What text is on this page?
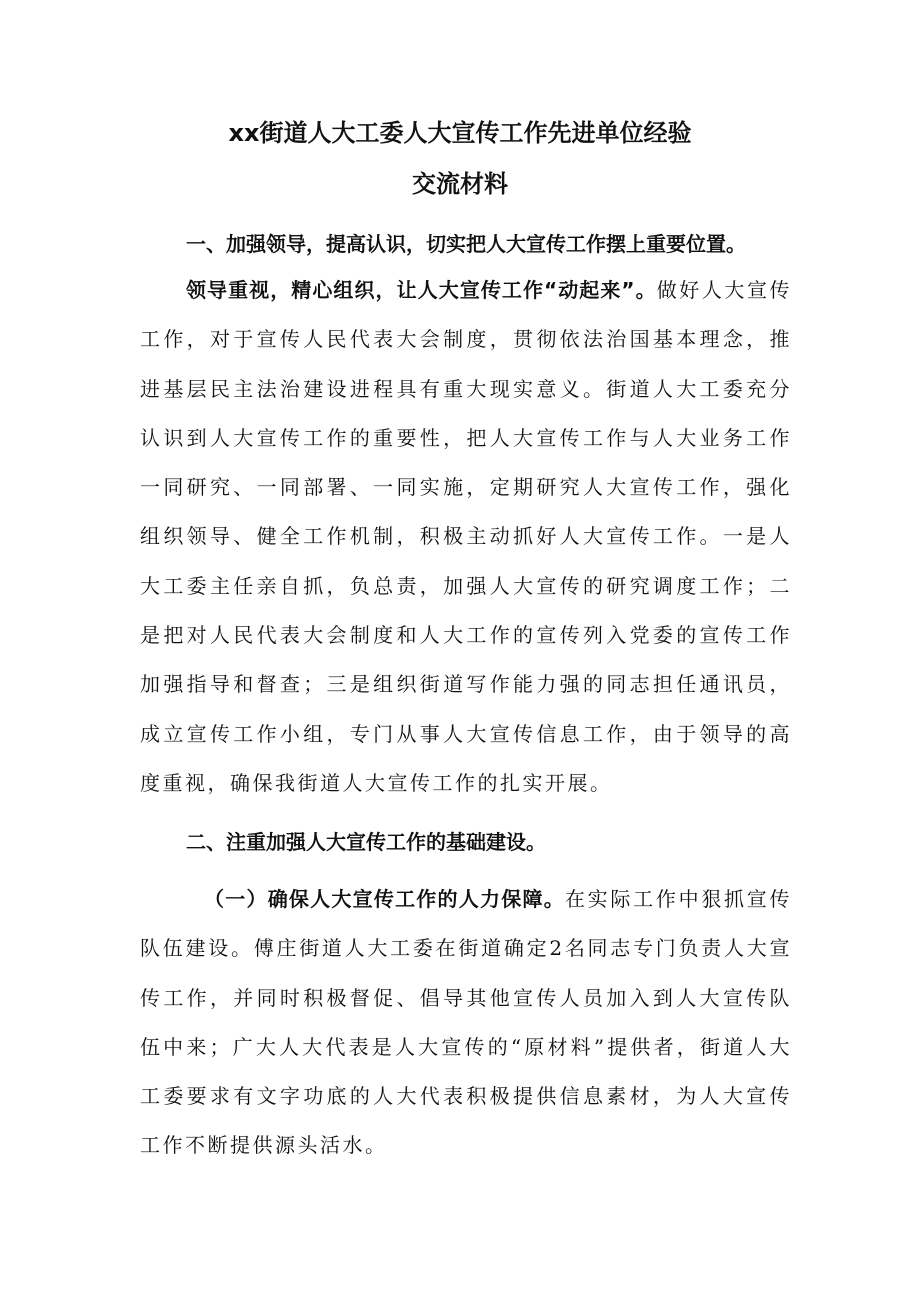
xx街道人大工委人大宣传工作先进单位经验
交流材料
一、加强领导，提高认识，切实把人大宣传工作摆上重要位置。

领导重视，精心组织，让人大宣传工作“动起来”。做好人大宣传工作，对于宣传人民代表大会制度，贯彻依法治国基本理念，推进基层民主法治建设进程具有重大现实意义。街道人大工委充分认识到人大宣传工作的重要性，把人大宣传工作与人大业务工作一同研究、一同部署、一同实施，定期研究人大宣传工作，强化组织领导、健全工作机制，积极主动抓好人大宣传工作。一是人大工委主任亲自抓，负总责，加强人大宣传的研究调度工作；二是把对人民代表大会制度和人大工作的宣传列入党委的宣传工作加强指导和督查；三是组织街道写作能力强的同志担任通讯员，成立宣传工作小组，专门从事人大宣传信息工作，由于领导的高度重视，确保我街道人大宣传工作的扎实开展。

二、注重加强人大宣传工作的基础建设。

（一）确保人大宣传工作的人力保障。在实际工作中狠抓宣传队伍建设。傅庄街道人大工委在街道确定2名同志专门负责人大宣传工作，并同时积极督促、倡导其他宣传人员加入到人大宣传队伍中来；广大人大代表是人大宣传的“原材料”提供者，街道人大工委要求有文字功底的人大代表积极提供信息素材，为人大宣传工作不断提供源头活水。
